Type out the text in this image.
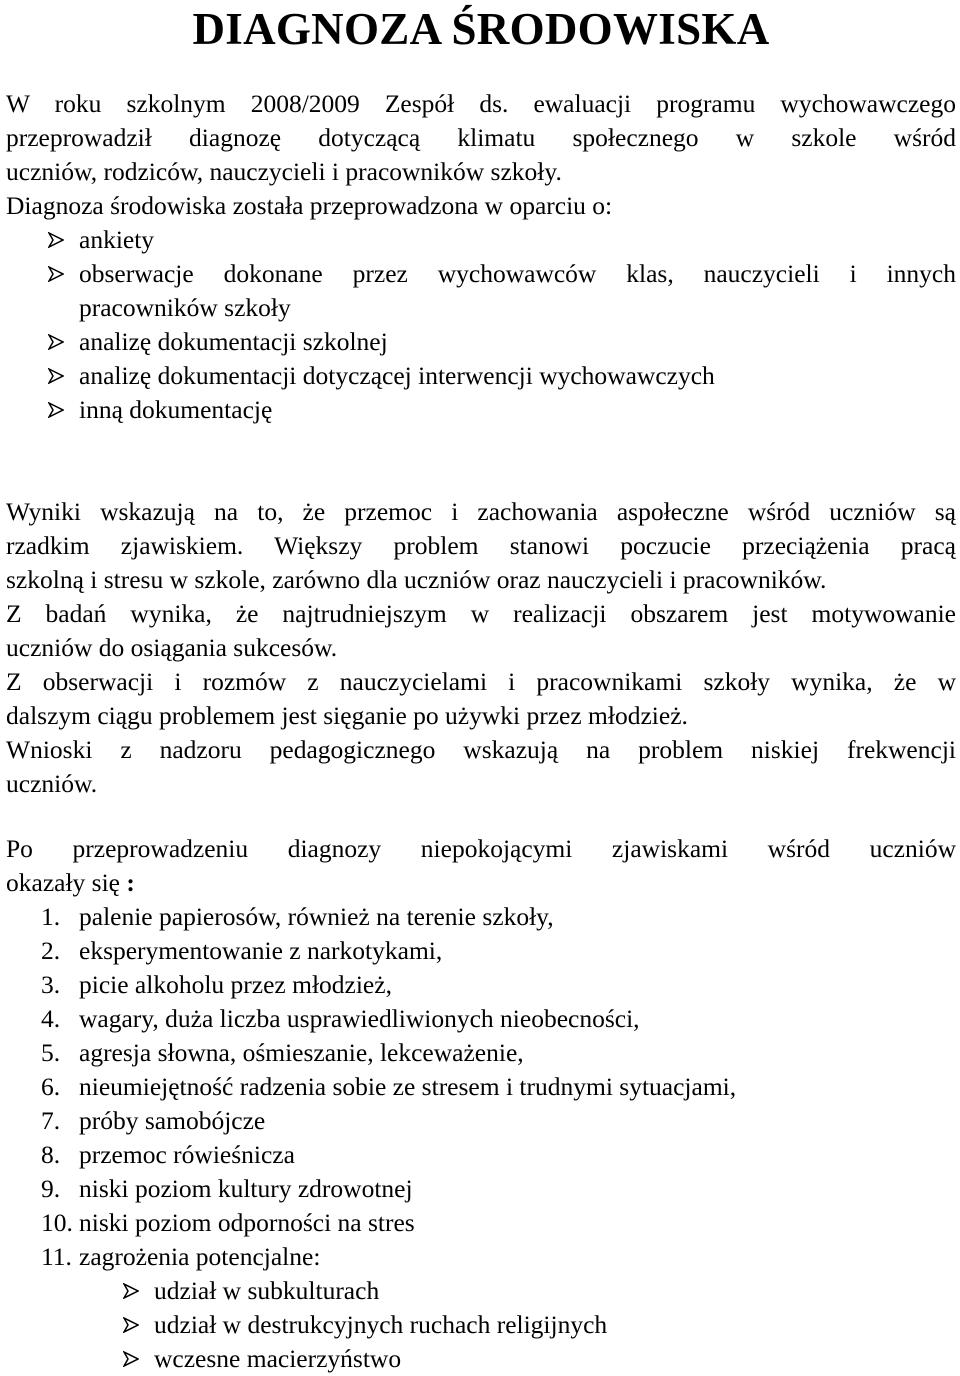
DIAGNOZA ŚRODOWISKA

W roku szkolnym 2008/2009 Zespół ds. ewaluacji programu wychowawczego

przeprowadził diagnozę dotyczącą klimatu społecznego w szkole wśród

uczniów, rodziców, nauczycieli i pracowników szkoły.

Diagnoza środowiska została przeprowadzona w oparciu o:

ankiety
obserwacje dokonane przez wychowawców klas, nauczycieli i innych
pracowników szkoły
analizę dokumentacji szkolnej
analizę dokumentacji dotyczącej interwencji wychowawczych
inną dokumentację

Wyniki wskazują na to, że przemoc i zachowania aspołeczne wśród uczniów są

rzadkim zjawiskiem. Większy problem stanowi poczucie przeciążenia pracą

szkolną i stresu w szkole, zarówno dla uczniów oraz nauczycieli i pracowników.

Z badań wynika, że najtrudniejszym w realizacji obszarem jest motywowanie

uczniów do osiągania sukcesów.

Z obserwacji i rozmów z nauczycielami i pracownikami szkoły wynika, że w

dalszym ciągu problemem jest sięganie po używki przez młodzież.

Wnioski z nadzoru pedagogicznego wskazują na problem niskiej frekwencji

uczniów.

Po przeprowadzeniu diagnozy niepokojącymi zjawiskami wśród uczniów

okazały się :

1. palenie papierosów, również na terenie szkoły,
2. eksperymentowanie z narkotykami,
3. picie alkoholu przez młodzież,
4. wagary, duża liczba usprawiedliwionych nieobecności,
5. agresja słowna, ośmieszanie, lekceważenie,
6. nieumiejętność radzenia sobie ze stresem i trudnymi sytuacjami,
7. próby samobójcze
8. przemoc rówieśnicza
9. niski poziom kultury zdrowotnej
10. niski poziom odporności na stres
11. zagrożenia potencjalne:
udział w subkulturach
udział w destrukcyjnych ruchach religijnych
wczesne macierzyństwo
